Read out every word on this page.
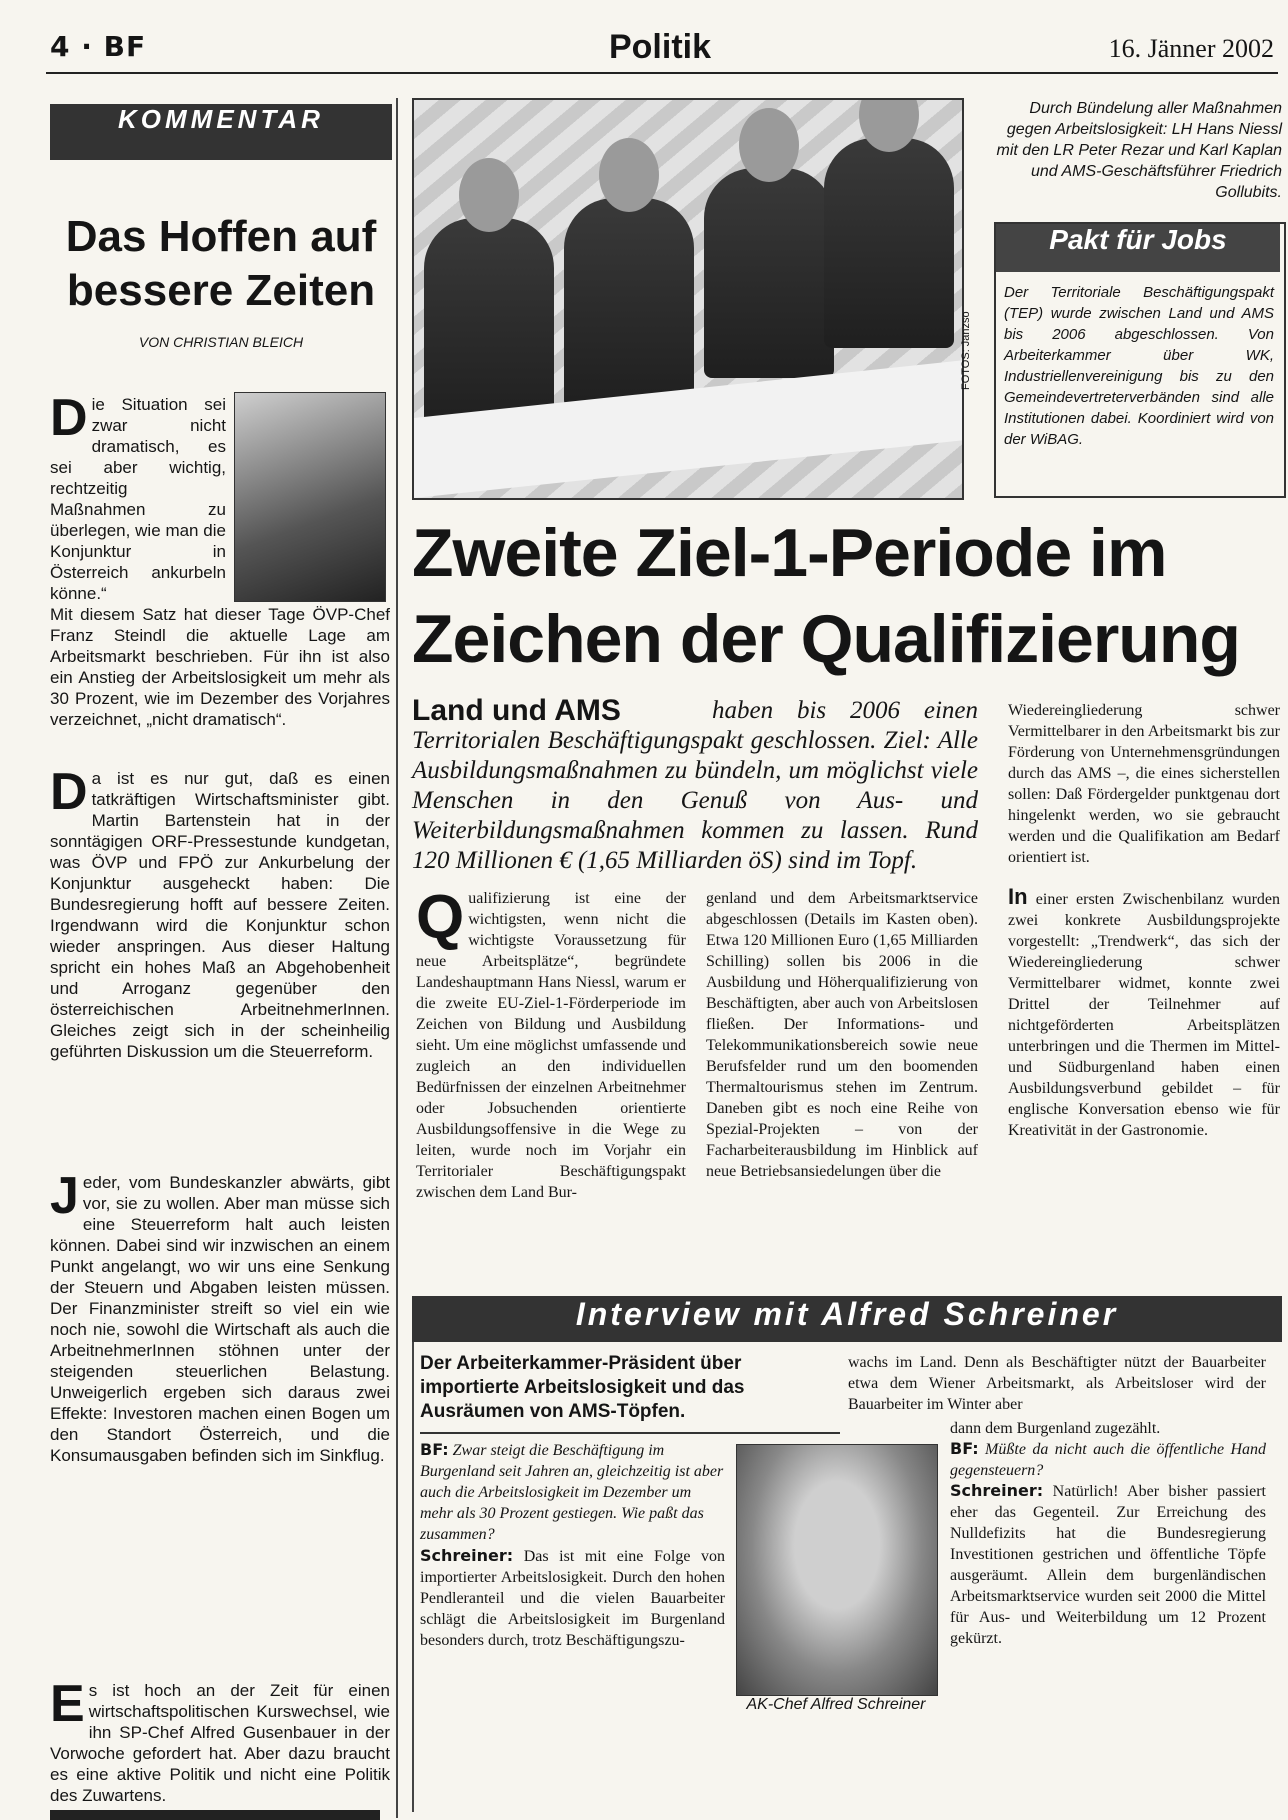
4 · BF	Politik	16. Jänner 2002
KOMMENTAR
Das Hoffen auf bessere Zeiten
VON CHRISTIAN BLEICH
Die Situation sei zwar nicht dramatisch, es sei aber wichtig, rechtzeitig Maßnahmen zu überlegen, wie man die Konjunktur in Österreich ankurbeln könne.“
Mit diesem Satz hat dieser Tage ÖVP-Chef Franz Steindl die aktuelle Lage am Arbeitsmarkt beschrieben. Für ihn ist also ein Anstieg der Arbeitslosigkeit um mehr als 30 Prozent, wie im Dezember des Vorjahres verzeichnet, „nicht dramatisch“.
Da ist es nur gut, daß es einen tatkräftigen Wirtschaftsminister gibt. Martin Bartenstein hat in der sonntägigen ORF-Pressestunde kundgetan, was ÖVP und FPÖ zur Ankurbelung der Konjunktur ausgeheckt haben: Die Bundesregierung hofft auf bessere Zeiten. Irgendwann wird die Konjunktur schon wieder anspringen. Aus dieser Haltung spricht ein hohes Maß an Abgehobenheit und Arroganz gegenüber den österreichischen ArbeitnehmerInnen. Gleiches zeigt sich in der scheinheilig geführten Diskussion um die Steuerreform.
Jeder, vom Bundeskanzler abwärts, gibt vor, sie zu wollen. Aber man müsse sich eine Steuerreform halt auch leisten können. Dabei sind wir inzwischen an einem Punkt angelangt, wo wir uns eine Senkung der Steuern und Abgaben leisten müssen. Der Finanzminister streift so viel ein wie noch nie, sowohl die Wirtschaft als auch die ArbeitnehmerInnen stöhnen unter der steigenden steuerlichen Belastung. Unweigerlich ergeben sich daraus zwei Effekte: Investoren machen einen Bogen um den Standort Österreich, und die Konsumausgaben befinden sich im Sinkflug.
Es ist hoch an der Zeit für einen wirtschaftspolitischen Kurswechsel, wie ihn SP-Chef Alfred Gusenbauer in der Vorwoche gefordert hat. Aber dazu braucht es eine aktive Politik und nicht eine Politik des Zuwartens.
FOTOS: Janzso
Durch Bündelung aller Maßnahmen gegen Arbeitslosigkeit: LH Hans Niessl mit den LR Peter Rezar und Karl Kaplan und AMS-Geschäftsführer Friedrich Gollubits.
Pakt für Jobs
Der Territoriale Beschäftigungspakt (TEP) wurde zwischen Land und AMS bis 2006 abgeschlossen. Von Arbeiterkammer über WK, Industriellenvereinigung bis zu den Gemeindevertreterverbänden sind alle Institutionen dabei. Koordiniert wird von der WiBAG.
Zweite Ziel-1-Periode im Zeichen der Qualifizierung
Land und AMS	haben bis 2006 einen Territorialen Beschäftigungspakt geschlossen. Ziel: Alle Ausbildungsmaßnahmen zu bündeln, um möglichst viele Menschen in den Genuß von Aus- und Weiterbildungsmaßnahmen kommen zu lassen. Rund 120 Millionen € (1,65 Milliarden öS) sind im Topf.
Qualifizierung ist eine der wichtigsten, wenn nicht die wichtigste Voraussetzung für neue Arbeitsplätze“, begründete Landeshauptmann Hans Niessl, warum er die zweite EU-Ziel-1-Förderperiode im Zeichen von Bildung und Ausbildung sieht. Um eine möglichst umfassende und zugleich an den individuellen Bedürfnissen der einzelnen Arbeitnehmer oder Jobsuchenden orientierte Ausbildungsoffensive in die Wege zu leiten, wurde noch im Vorjahr ein Territorialer Beschäftigungspakt zwischen dem Land Bur-
genland und dem Arbeitsmarktservice abgeschlossen (Details im Kasten oben). Etwa 120 Millionen Euro (1,65 Milliarden Schilling) sollen bis 2006 in die Ausbildung und Höherqualifizierung von Beschäftigten, aber auch von Arbeitslosen fließen. Der Informations- und Telekommunikationsbereich sowie neue Berufsfelder rund um den boomenden Thermaltourismus stehen im Zentrum. Daneben gibt es noch eine Reihe von Spezial-Projekten – von der Facharbeiterausbildung im Hinblick auf neue Betriebsansiedelungen über die
Wiedereingliederung schwer Vermittelbarer in den Arbeitsmarkt bis zur Förderung von Unternehmensgründungen durch das AMS –, die eines sicherstellen sollen: Daß Fördergelder punktgenau dort hingelenkt werden, wo sie gebraucht werden und die Qualifikation am Bedarf orientiert ist.
In einer ersten Zwischenbilanz wurden zwei konkrete Ausbildungsprojekte vorgestellt: „Trendwerk“, das sich der Wiedereingliederung schwer Vermittelbarer widmet, konnte zwei Drittel der Teilnehmer auf nichtgeförderten Arbeitsplätzen unterbringen und die Thermen im Mittel- und Südburgenland haben einen Ausbildungsverbund gebildet – für englische Konversation ebenso wie für Kreativität in der Gastronomie.
Interview mit Alfred Schreiner
Der Arbeiterkammer-Präsident über importierte Arbeitslosigkeit und das Ausräumen von AMS-Töpfen.
BF: Zwar steigt die Beschäftigung im Burgenland seit Jahren an, gleichzeitig ist aber auch die Arbeitslosigkeit im Dezember um mehr als 30 Prozent gestiegen. Wie paßt das zusammen?
Schreiner: Das ist mit eine Folge von importierter Arbeitslosigkeit. Durch den hohen Pendleranteil und die vielen Bauarbeiter schlägt die Arbeitslosigkeit im Burgenland besonders durch, trotz Beschäftigungszu-
AK-Chef Alfred Schreiner
wachs im Land. Denn als Beschäftigter nützt der Bauarbeiter etwa dem Wiener Arbeitsmarkt, als Arbeitsloser wird der Bauarbeiter im Winter aber
dann dem Burgenland zugezählt.
BF: Müßte da nicht auch die öffentliche Hand gegensteuern?
Schreiner: Natürlich! Aber bisher passiert eher das Gegenteil. Zur Erreichung des Nulldefizits hat die Bundesregierung Investitionen gestrichen und öffentliche Töpfe ausgeräumt. Allein dem burgenländischen Arbeitsmarktservice wurden seit 2000 die Mittel für Aus- und Weiterbildung um 12 Prozent gekürzt.
